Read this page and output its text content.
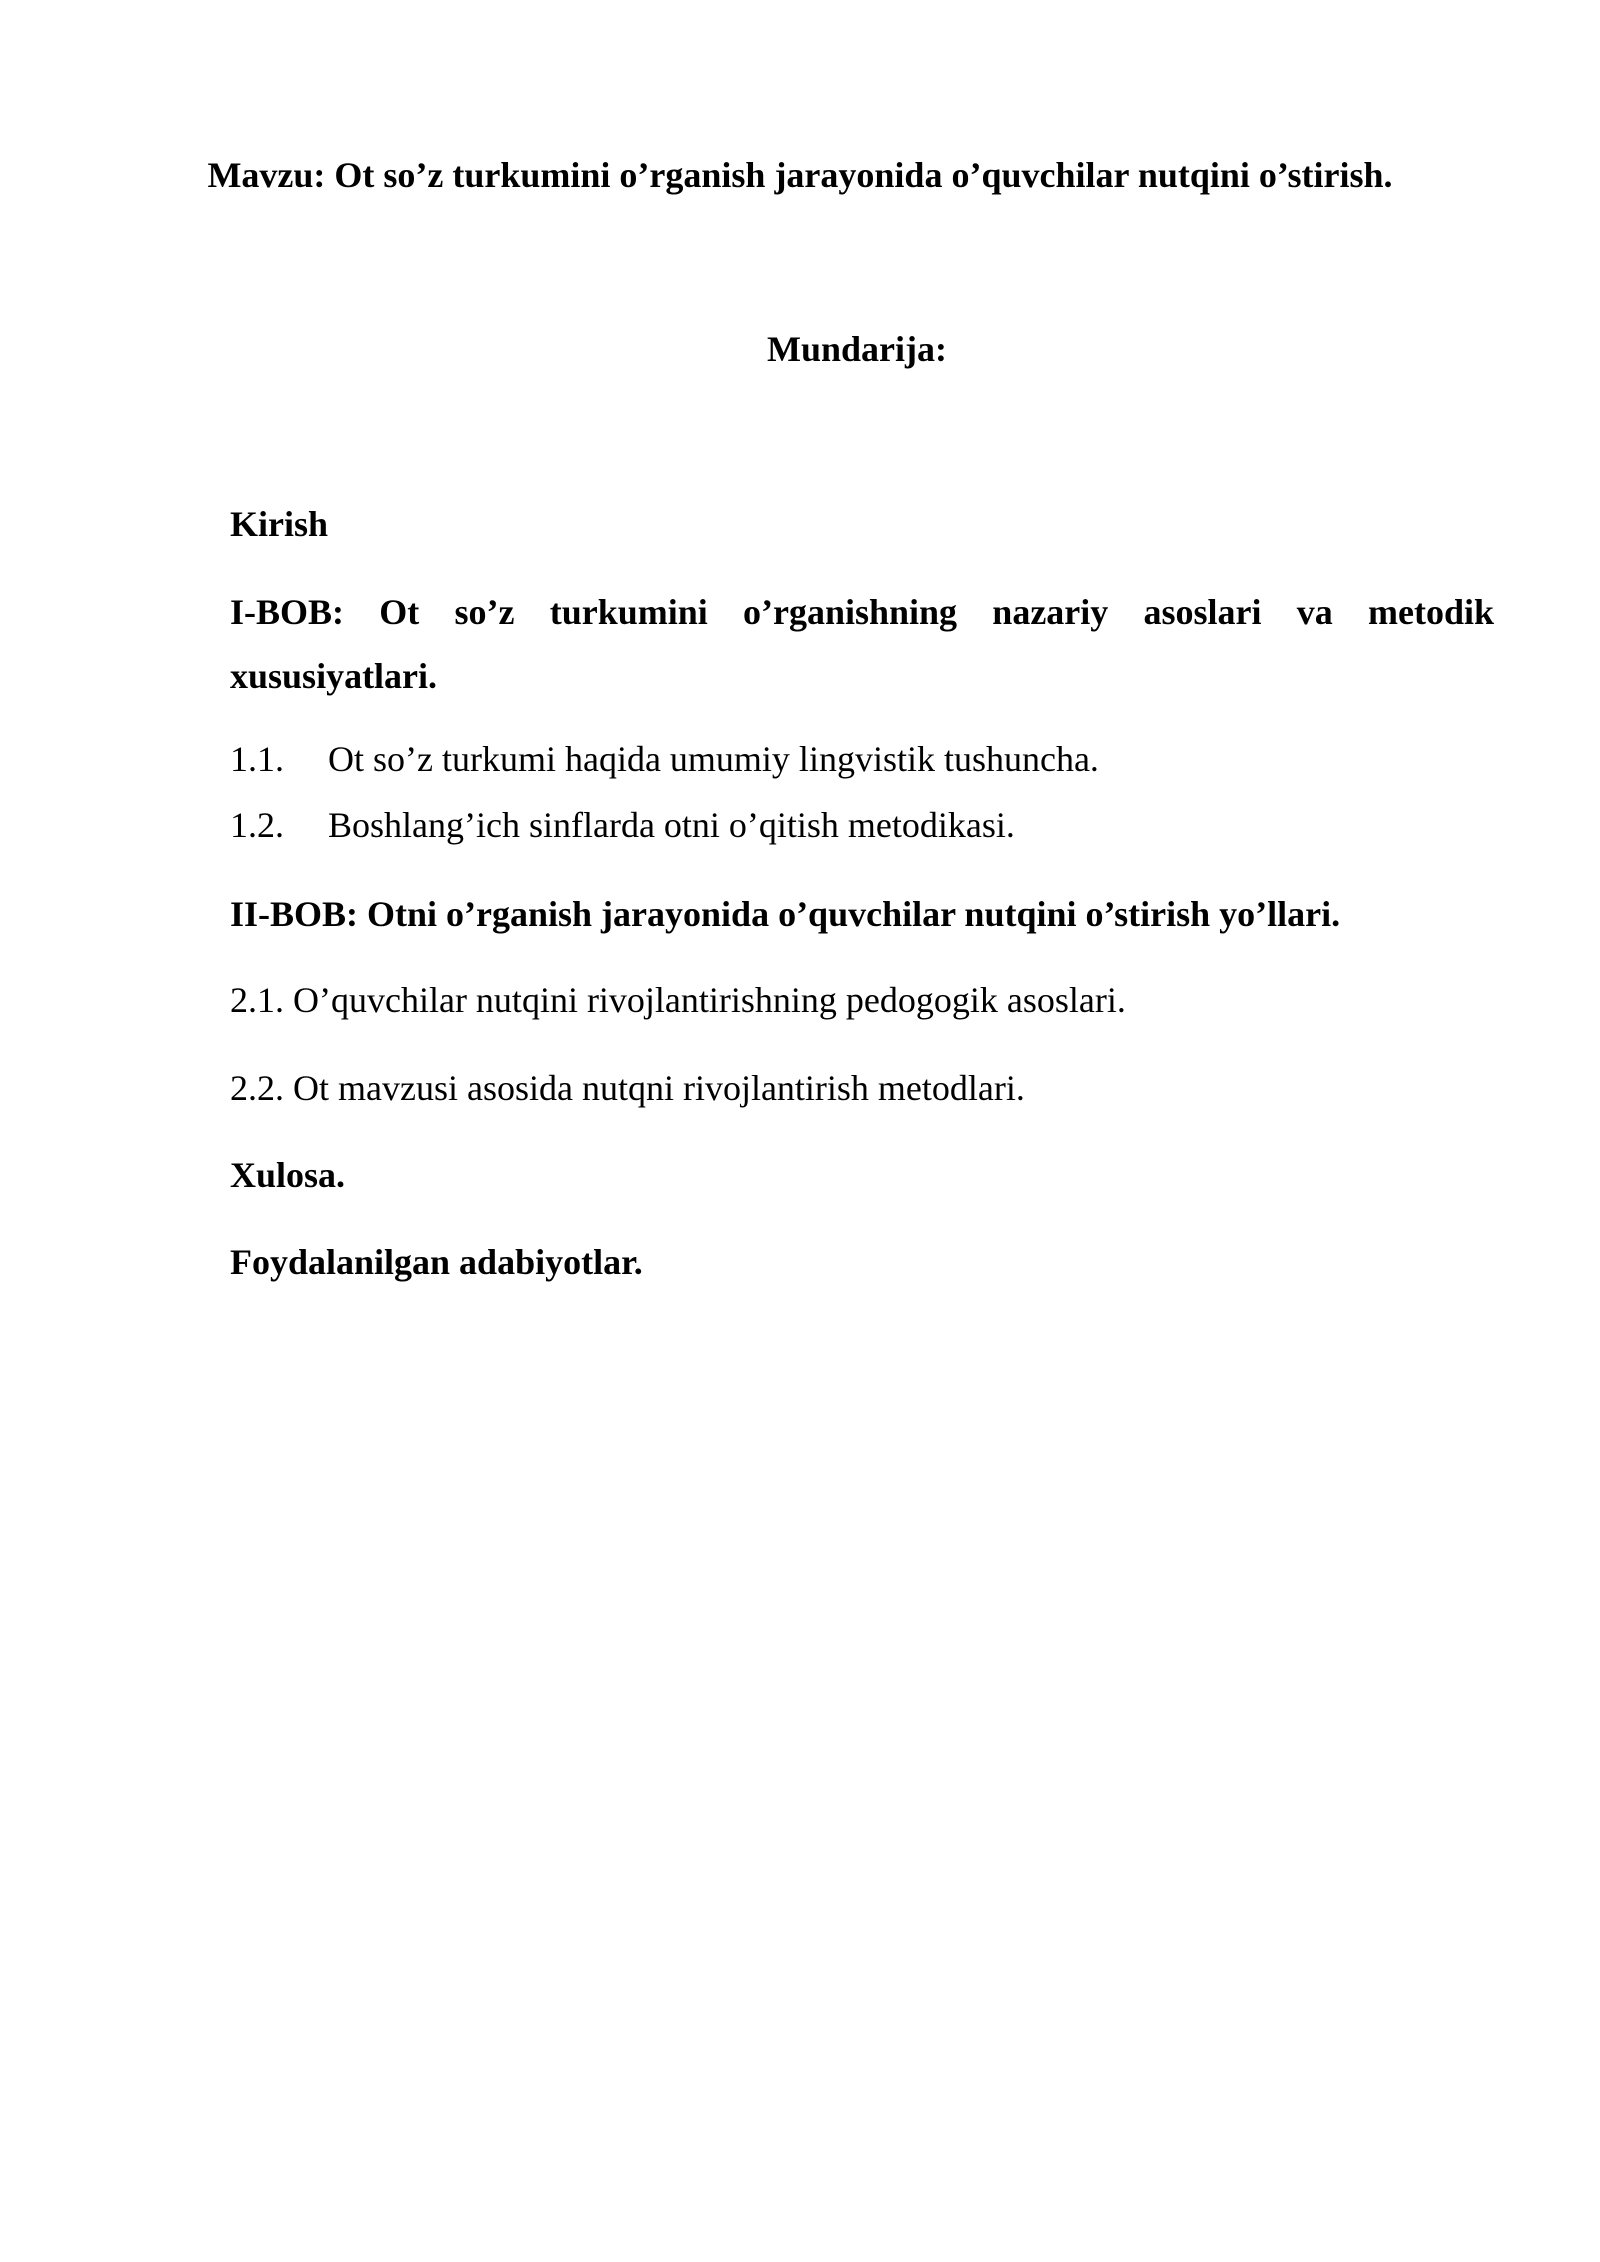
Mavzu: Ot so’z turkumini o’rganish jarayonida o’quvchilar nutqini o’stirish.

Mundarija:

Kirish

I-BOB: Ot so’z turkumini o’rganishning nazariy asoslari va metodik
xususiyatlari.

1.1. Ot so’z turkumi haqida umumiy lingvistik tushuncha.

1.2. Boshlang’ich sinflarda otni o’qitish metodikasi.

II-BOB: Otni o’rganish jarayonida o’quvchilar nutqini o’stirish yo’llari.

2.1. O’quvchilar nutqini rivojlantirishning pedogogik asoslari.

2.2. Ot mavzusi asosida nutqni rivojlantirish metodlari.

Xulosa.

Foydalanilgan adabiyotlar.
